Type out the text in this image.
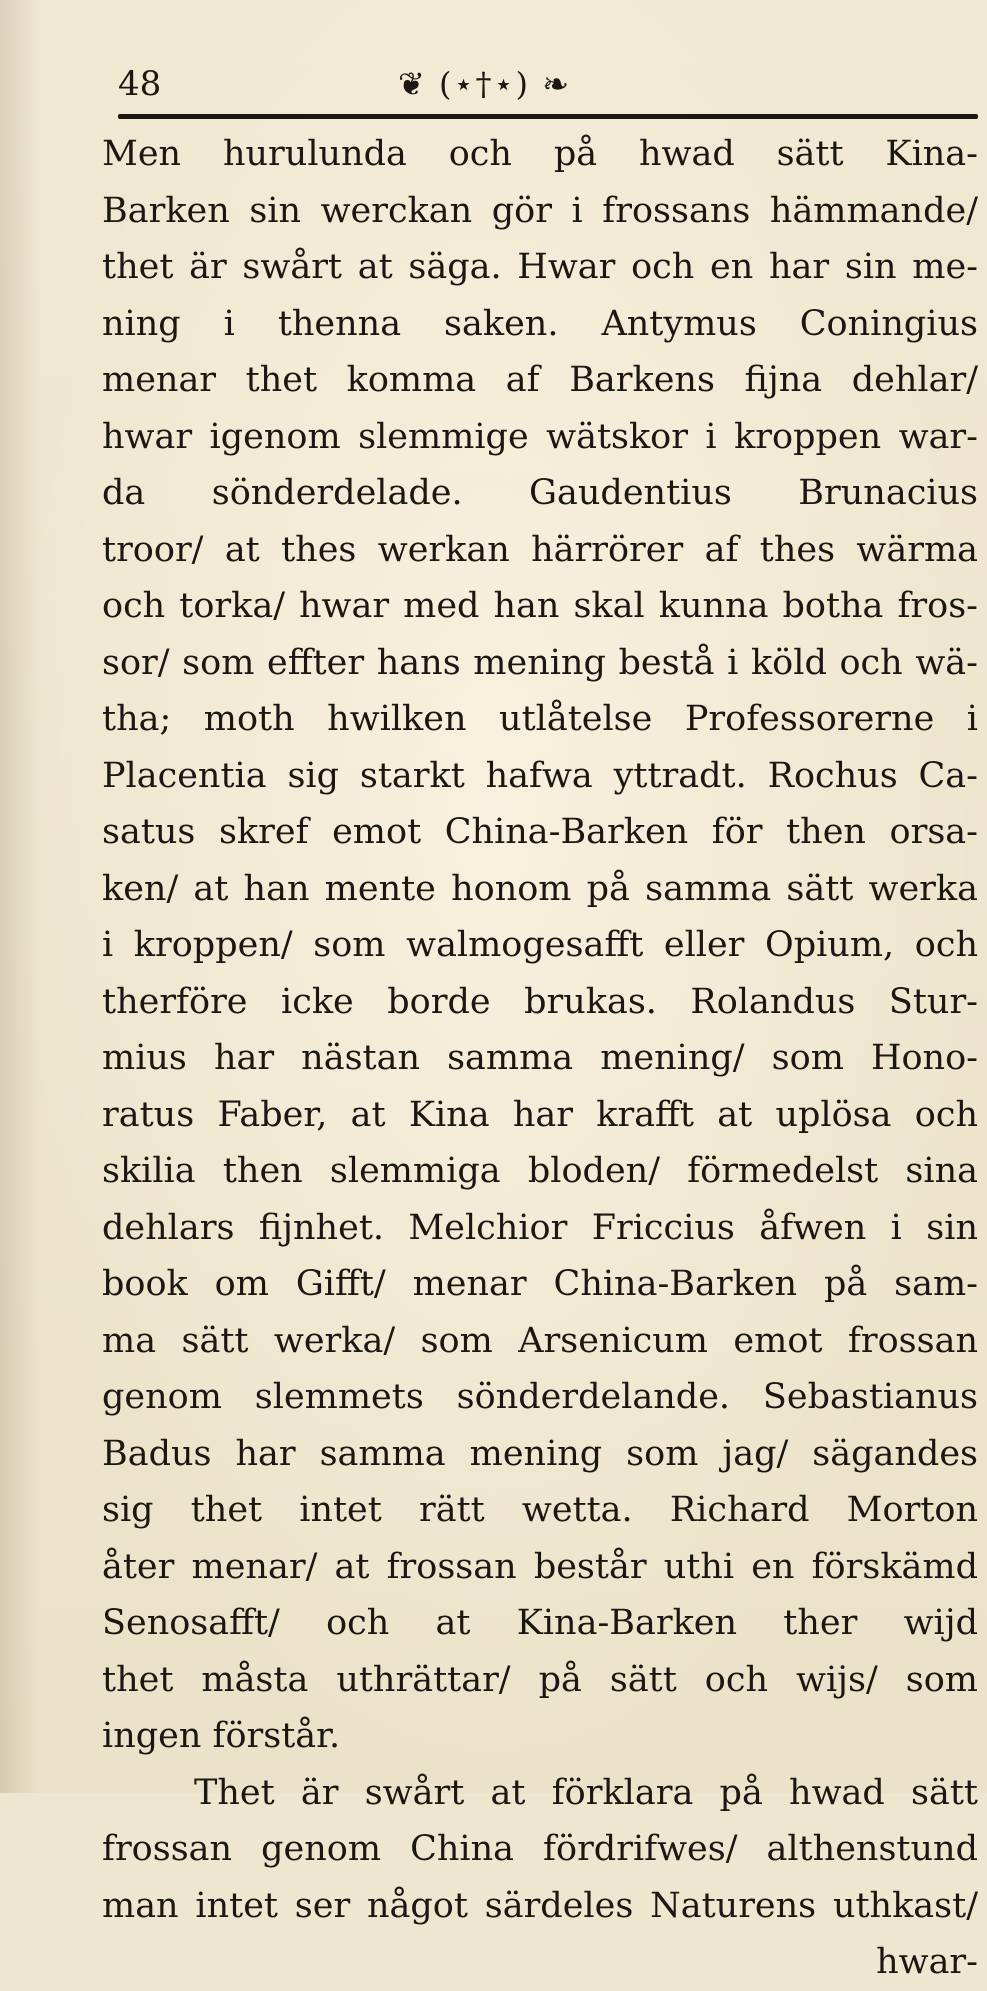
48	❦ (⋆†⋆) ❧
Men hurulunda och på hwad sätt Kina-
Barken sin werckan gör i frossans hämmande/
thet är swårt at säga. Hwar och en har sin me-
ning i thenna saken. Antymus Coningius
menar thet komma af Barkens fijna dehlar/
hwar igenom slemmige wätskor i kroppen war-
da sönderdelade. Gaudentius Brunacius
troor/ at thes werkan härrörer af thes wärma
och torka/ hwar med han skal kunna botha fros-
sor/ som effter hans mening bestå i köld och wä-
tha; moth hwilken utlåtelse Professorerne i
Placentia sig starkt hafwa yttradt. Rochus Ca-
satus skref emot China-Barken för then orsa-
ken/ at han mente honom på samma sätt werka
i kroppen/ som walmogesafft eller Opium, och
therföre icke borde brukas. Rolandus Stur-
mius har nästan samma mening/ som Hono-
ratus Faber, at Kina har krafft at uplösa och
skilia then slemmiga bloden/ förmedelst sina
dehlars fijnhet. Melchior Friccius åfwen i sin
book om Gifft/ menar China-Barken på sam-
ma sätt werka/ som Arsenicum emot frossan
genom slemmets sönderdelande. Sebastianus
Badus har samma mening som jag/ sägandes
sig thet intet rätt wetta. Richard Morton
åter menar/ at frossan består uthi en förskämd
Senosafft/ och at Kina-Barken ther wijd
thet måsta uthrättar/ på sätt och wijs/ som
ingen förstår.
Thet är swårt at förklara på hwad sätt
frossan genom China fördrifwes/ althenstund
man intet ser något särdeles Naturens uthkast/
hwar-
